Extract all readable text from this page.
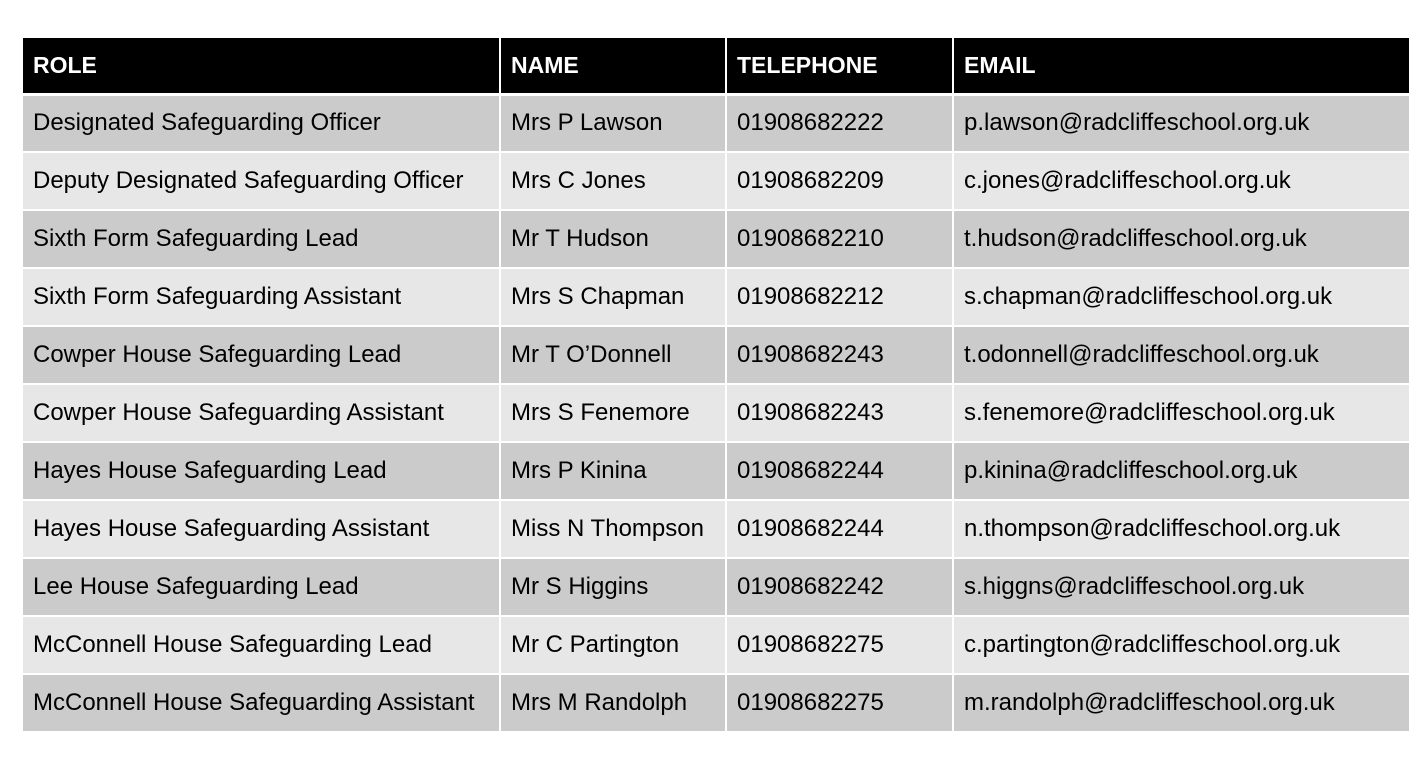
ROLE	NAME	TELEPHONE	EMAIL
Designated Safeguarding Officer	Mrs P Lawson	01908682222	p.lawson@radcliffeschool.org.uk
Deputy Designated Safeguarding Officer	Mrs C Jones	01908682209	c.jones@radcliffeschool.org.uk
Sixth Form Safeguarding Lead	Mr T Hudson	01908682210	t.hudson@radcliffeschool.org.uk
Sixth Form Safeguarding Assistant	Mrs S Chapman	01908682212	s.chapman@radcliffeschool.org.uk
Cowper House Safeguarding Lead	Mr T O’Donnell	01908682243	t.odonnell@radcliffeschool.org.uk
Cowper House Safeguarding Assistant	Mrs S Fenemore	01908682243	s.fenemore@radcliffeschool.org.uk
Hayes House Safeguarding Lead	Mrs P Kinina	01908682244	p.kinina@radcliffeschool.org.uk
Hayes House Safeguarding Assistant	Miss N Thompson	01908682244	n.thompson@radcliffeschool.org.uk
Lee House Safeguarding Lead	Mr S Higgins	01908682242	s.higgns@radcliffeschool.org.uk
McConnell House Safeguarding Lead	Mr C Partington	01908682275	c.partington@radcliffeschool.org.uk
McConnell House Safeguarding Assistant	Mrs M Randolph	01908682275	m.randolph@radcliffeschool.org.uk
